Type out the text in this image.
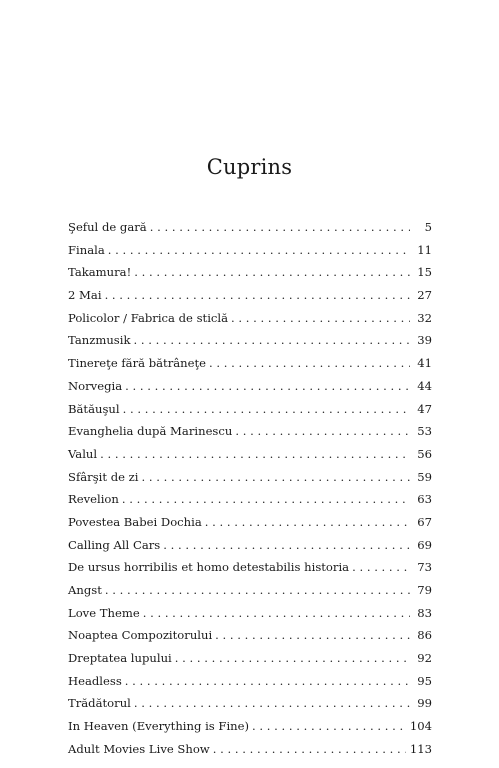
Cuprins
Şeful de gară . . .	5
Finala . . .	11
Takamura! . . .	15
2 Mai . . .	27
Policolor / Fabrica de sticlă . . .	32
Tanzmusik . . .	39
Tinereţe fără bătrâneţe . . .	41
Norvegia . . .	44
Bătăuşul . . .	47
Evanghelia după Marinescu . . .	53
Valul . . .	56
Sfârşit de zi . . .	59
Revelion . . .	63
Povestea Babei Dochia . . .	67
Calling All Cars . . .	69
De ursus horribilis et homo detestabilis historia . . .	73
Angst . . .	79
Love Theme . . .	83
Noaptea Compozitorului . . .	86
Dreptatea lupului . . .	92
Headless . . .	95
Trădătorul . . .	99
In Heaven (Everything is Fine) . . .	104
Adult Movies Live Show . . .	113
